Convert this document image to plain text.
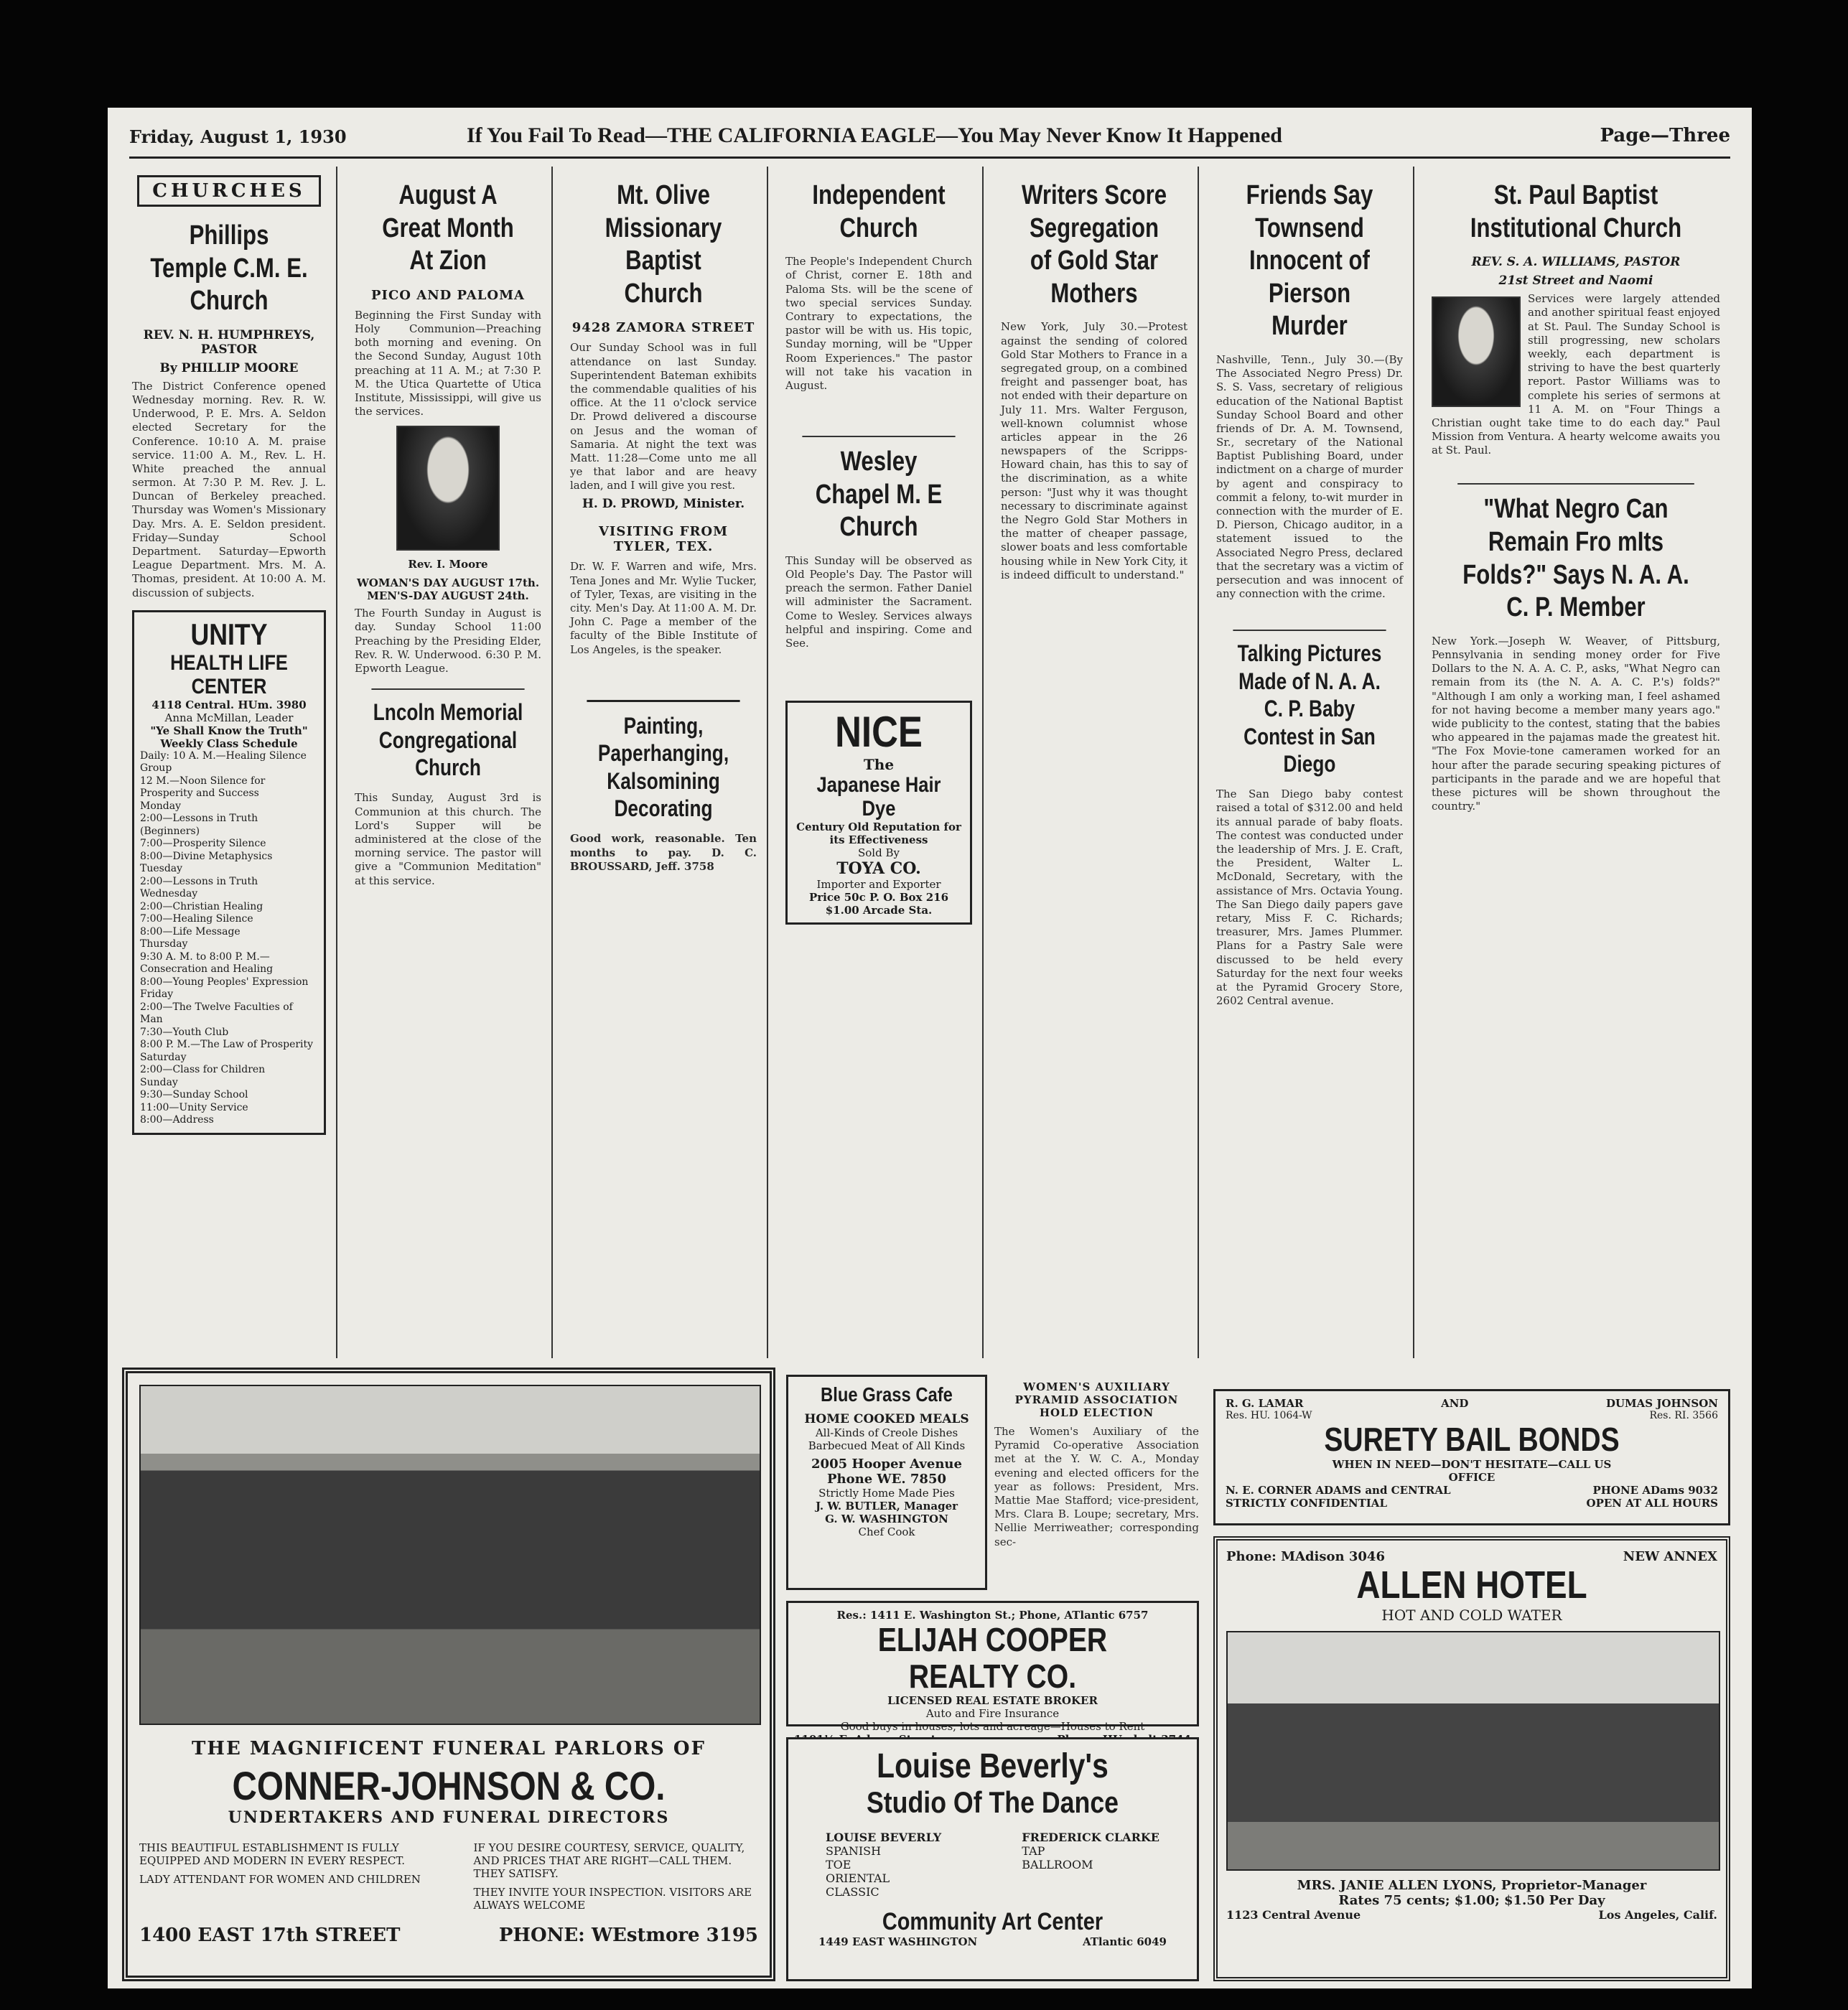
Friday, August 1, 1930	If You Fail To Read—THE CALIFORNIA EAGLE—You May Never Know It Happened	Page—Three
CHURCHES
Phillips Temple C.M. E. Church
REV. N. H. HUMPHREYS, PASTOR
By PHILLIP MOORE
The District Conference opened Wednesday morning. Rev. R. W. Underwood, P. E. Mrs. A. Seldon elected Secretary for the Conference. 10:10 A. M. praise service. 11:00 A. M., Rev. L. H. White preached the annual sermon. At 7:30 P. M. Rev. J. L. Duncan of Berkeley preached. Thursday was Women's Missionary Day. Mrs. A. E. Seldon president. Friday—Sunday School Department. Saturday—Epworth League Department. Mrs. M. A. Thomas, president. At 10:00 A. M. discussion of subjects.
UNITY
HEALTH LIFE CENTER
4118 Central. HUm. 3980
Anna McMillan, Leader
"Ye Shall Know the Truth"
Weekly Class Schedule
Daily: 10 A. M.—Healing Silence Group
12 M.—Noon Silence for Prosperity and Success
Monday
2:00—Lessons in Truth (Beginners)
7:00—Prosperity Silence
8:00—Divine Metaphysics
Tuesday
2:00—Lessons in Truth
Wednesday
2:00—Christian Healing
7:00—Healing Silence
8:00—Life Message
Thursday
9:30 A. M. to 8:00 P. M.—Consecration and Healing
8:00—Young Peoples' Expression
Friday
2:00—The Twelve Faculties of Man
7:30—Youth Club
8:00 P. M.—The Law of Prosperity
Saturday
2:00—Class for Children
Sunday
9:30—Sunday School
11:00—Unity Service
8:00—Address
August A Great Month At Zion
PICO AND PALOMA
Beginning the First Sunday with Holy Communion—Preaching both morning and evening. On the Second Sunday, August 10th preaching at 11 A. M.; at 7:30 P. M. the Utica Quartette of Utica Institute, Mississippi, will give us the services.
Rev. I. Moore
WOMAN'S DAY AUGUST 17th.
MEN'S-DAY AUGUST 24th.
The Fourth Sunday in August is day. Sunday School 11:00 Preaching by the Presiding Elder, Rev. R. W. Underwood. 6:30 P. M. Epworth League.
Lncoln Memorial Congregational Church
This Sunday, August 3rd is Communion at this church. The Lord's Supper will be administered at the close of the morning service. The pastor will give a "Communion Meditation" at this service.
Mt. Olive Missionary Baptist Church
9428 ZAMORA STREET
Our Sunday School was in full attendance on last Sunday. Superintendent Bateman exhibits the commendable qualities of his office. At the 11 o'clock service Dr. Prowd delivered a discourse on Jesus and the woman of Samaria. At night the text was Matt. 11:28—Come unto me all ye that labor and are heavy laden, and I will give you rest.
H. D. PROWD, Minister.
VISITING FROM TYLER, TEX.
Dr. W. F. Warren and wife, Mrs. Tena Jones and Mr. Wylie Tucker, of Tyler, Texas, are visiting in the city. Men's Day. At 11:00 A. M. Dr. John C. Page a member of the faculty of the Bible Institute of Los Angeles, is the speaker.
Painting, Paperhanging, Kalsomining Decorating
Good work, reasonable. Ten months to pay. D. C. BROUSSARD, Jeff. 3758
Independent Church
The People's Independent Church of Christ, corner E. 18th and Paloma Sts. will be the scene of two special services Sunday. Contrary to expectations, the pastor will be with us. His topic, Sunday morning, will be "Upper Room Experiences." The pastor will not take his vacation in August.
Wesley Chapel M. E Church
This Sunday will be observed as Old People's Day. The Pastor will preach the sermon. Father Daniel will administer the Sacrament. Come to Wesley. Services always helpful and inspiring. Come and See.
NICE
The
Japanese Hair Dye
Century Old Reputation for its Effectiveness
Sold By
TOYA CO.
Importer and Exporter
Price 50c P. O. Box 216 $1.00 Arcade Sta.
Writers Score Segregation of Gold Star Mothers
New York, July 30.—Protest against the sending of colored Gold Star Mothers to France in a segregated group, on a combined freight and passenger boat, has not ended with their departure on July 11. Mrs. Walter Ferguson, well-known columnist whose articles appear in the 26 newspapers of the Scripps-Howard chain, has this to say of the discrimination, as a white person: "Just why it was thought necessary to discriminate against the Negro Gold Star Mothers in the matter of cheaper passage, slower boats and less comfortable housing while in New York City, it is indeed difficult to understand."
Friends Say Townsend Innocent of Pierson Murder
Nashville, Tenn., July 30.—(By The Associated Negro Press) Dr. S. S. Vass, secretary of religious education of the National Baptist Sunday School Board and other friends of Dr. A. M. Townsend, Sr., secretary of the National Baptist Publishing Board, under indictment on a charge of murder by agent and conspiracy to commit a felony, to-wit murder in connection with the murder of E. D. Pierson, Chicago auditor, in a statement issued to the Associated Negro Press, declared that the secretary was a victim of persecution and was innocent of any connection with the crime.
Talking Pictures Made of N. A. A. C. P. Baby Contest in San Diego
The San Diego baby contest raised a total of $312.00 and held its annual parade of baby floats. The contest was conducted under the leadership of Mrs. J. E. Craft, the President, Walter L. McDonald, Secretary, with the assistance of Mrs. Octavia Young. The San Diego daily papers gave retary, Miss F. C. Richards; treasurer, Mrs. James Plummer. Plans for a Pastry Sale were discussed to be held every Saturday for the next four weeks at the Pyramid Grocery Store, 2602 Central avenue.
St. Paul Baptist Institutional Church
REV. S. A. WILLIAMS, PASTOR
21st Street and Naomi
Services were largely attended and another spiritual feast enjoyed at St. Paul. The Sunday School is still progressing, new scholars weekly, each department is striving to have the best quarterly report. Pastor Williams was to complete his series of sermons at 11 A. M. on "Four Things a Christian ought take time to do each day." Paul Mission from Ventura. A hearty welcome awaits you at St. Paul.
"What Negro Can Remain Fro mIts Folds?" Says N. A. A. C. P. Member
New York.—Joseph W. Weaver, of Pittsburg, Pennsylvania in sending money order for Five Dollars to the N. A. A. C. P., asks, "What Negro can remain from its (the N. A. A. C. P.'s) folds?" "Although I am only a working man, I feel ashamed for not having become a member many years ago." wide publicity to the contest, stating that the babies who appeared in the pajamas made the greatest hit. "The Fox Movie-tone cameramen worked for an hour after the parade securing speaking pictures of participants in the parade and we are hopeful that these pictures will be shown throughout the country."
THE MAGNIFICENT FUNERAL PARLORS OF
CONNER-JOHNSON & CO.
UNDERTAKERS AND FUNERAL DIRECTORS
THIS BEAUTIFUL ESTABLISHMENT IS FULLY EQUIPPED AND MODERN IN EVERY RESPECT.
LADY ATTENDANT FOR WOMEN AND CHILDREN
IF YOU DESIRE COURTESY, SERVICE, QUALITY, AND PRICES THAT ARE RIGHT—CALL THEM. THEY SATISFY.
THEY INVITE YOUR INSPECTION. VISITORS ARE ALWAYS WELCOME
1400 EAST 17th STREET	PHONE: WEstmore 3195
Blue Grass Cafe
HOME COOKED MEALS
All-Kinds of Creole Dishes
Barbecued Meat of All Kinds
2005 Hooper Avenue
Phone WE. 7850
Strictly Home Made Pies
J. W. BUTLER, Manager
G. W. WASHINGTON
Chef Cook
WOMEN'S AUXILIARY PYRAMID ASSOCIATION HOLD ELECTION
The Women's Auxiliary of the Pyramid Co-operative Association met at the Y. W. C. A., Monday evening and elected officers for the year as follows: President, Mrs. Mattie Mae Stafford; vice-president, Mrs. Clara B. Loupe; secretary, Mrs. Nellie Merriweather; corresponding sec-
R. G. LAMAR	AND	DUMAS JOHNSON
Res. HU. 1064-W	Res. RI. 3566
SURETY BAIL BONDS
WHEN IN NEED—DON'T HESITATE—CALL US
OFFICE
N. E. CORNER ADAMS and CENTRAL	PHONE ADams 9032
STRICTLY CONFIDENTIAL	OPEN AT ALL HOURS
Res.: 1411 E. Washington St.; Phone, ATlantic 6757
ELIJAH COOPER REALTY CO.
LICENSED REAL ESTATE BROKER
Auto and Fire Insurance
Good buys in houses, lots and acreage—Houses to Rent
Louise Beverly's
Studio Of The Dance
LOUISE BEVERLY
SPANISH
TOE
ORIENTAL
CLASSIC
FREDERICK CLARKE
TAP
BALLROOM
Community Art Center
1449 EAST WASHINGTON	ATlantic 6049
Phone: MAdison 3046	NEW ANNEX
ALLEN HOTEL
HOT AND COLD WATER
MRS. JANIE ALLEN LYONS, Proprietor-Manager
Rates 75 cents; $1.00; $1.50 Per Day
1123 Central Avenue	Los Angeles, Calif.
